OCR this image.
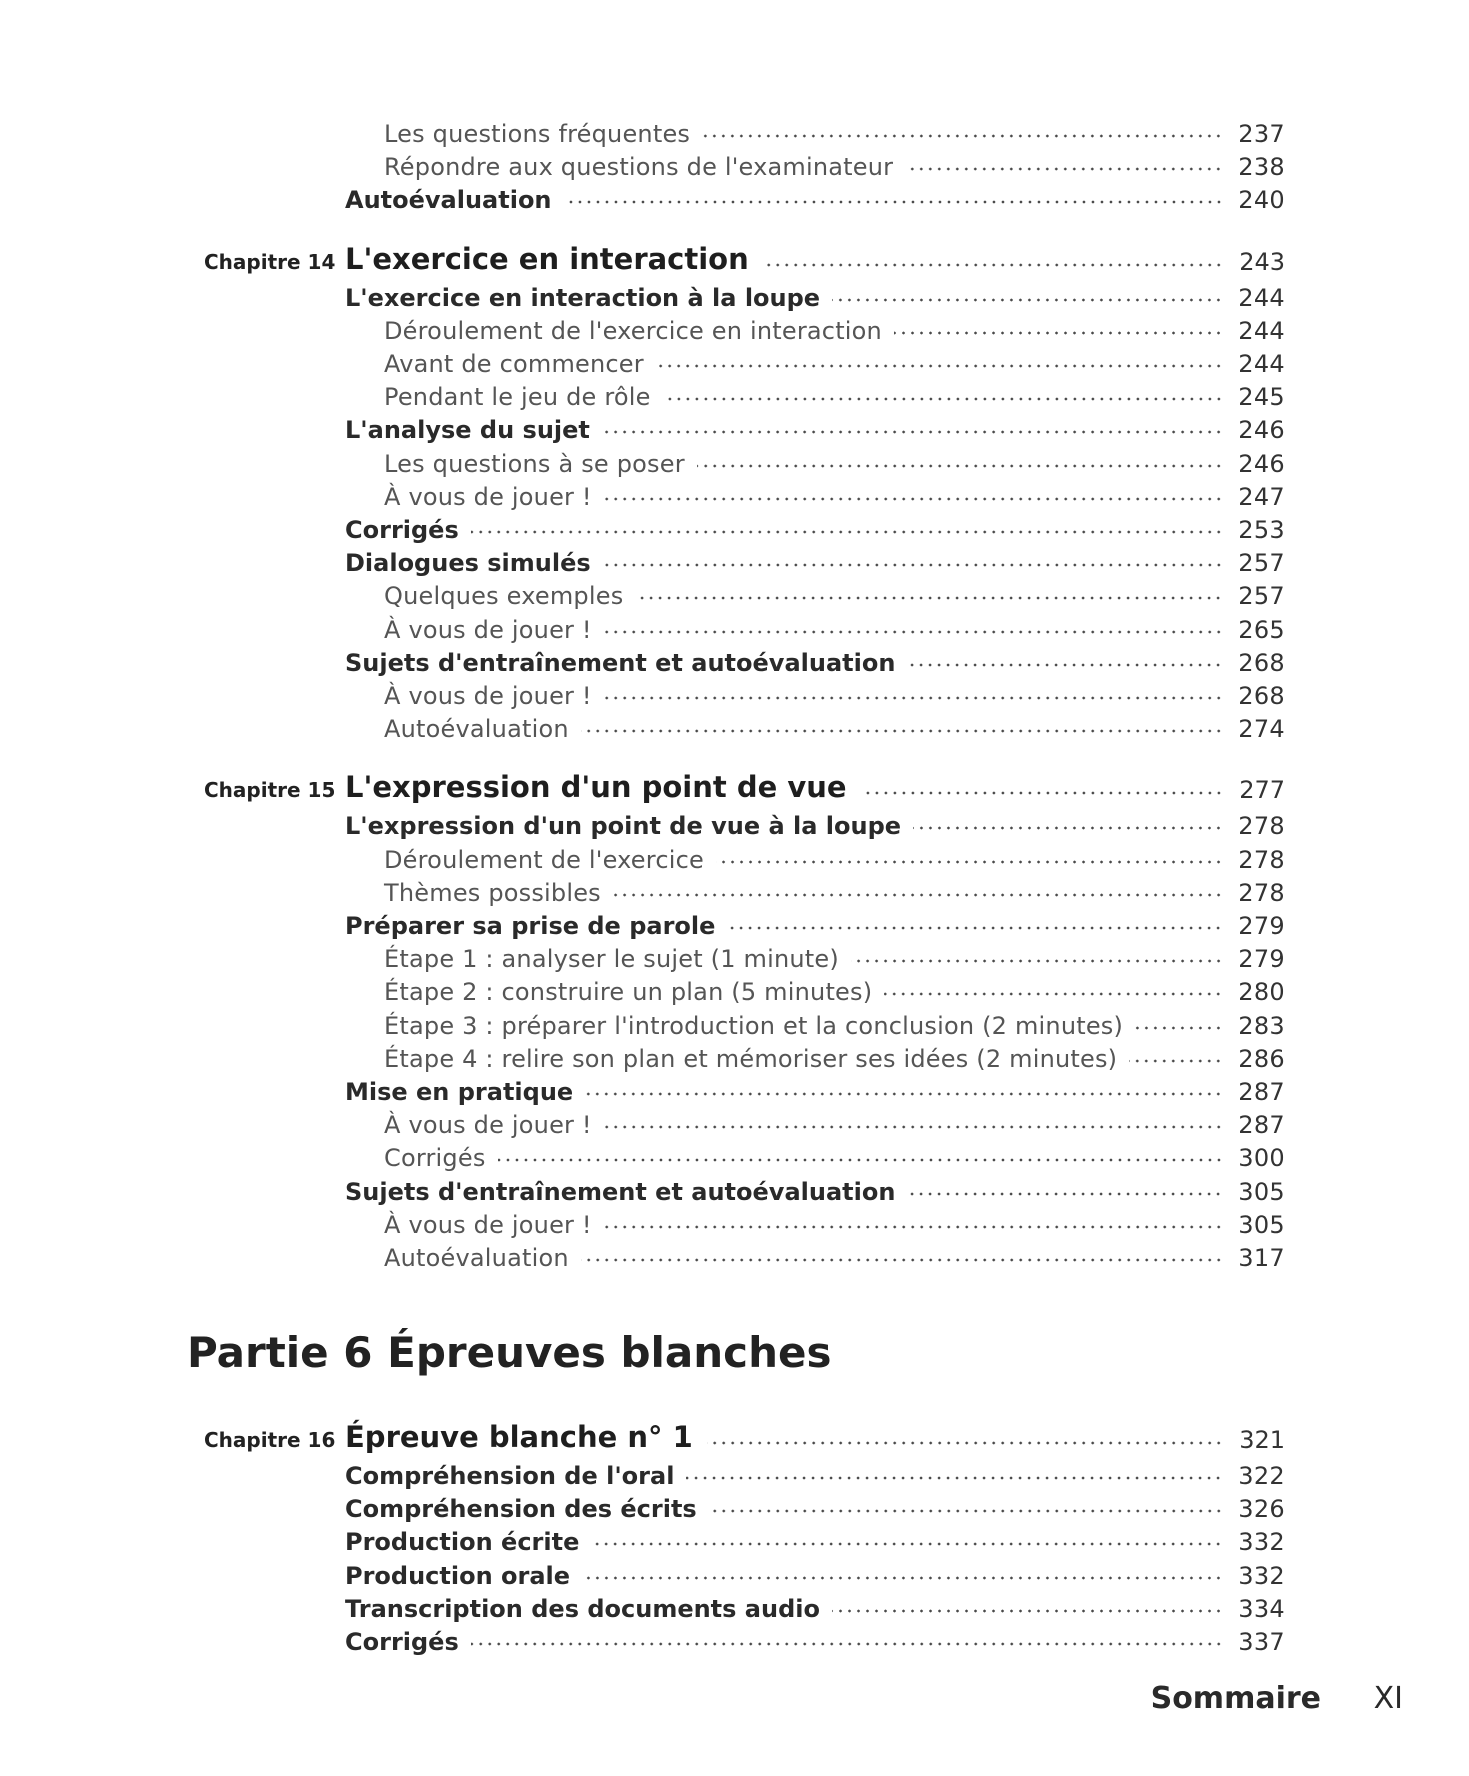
Les questions fréquentes	237
Répondre aux questions de l'examinateur	238
Autoévaluation	240
Chapitre 14 L'exercice en interaction	243
L'exercice en interaction à la loupe	244
Déroulement de l'exercice en interaction	244
Avant de commencer	244
Pendant le jeu de rôle	245
L'analyse du sujet	246
Les questions à se poser	246
À vous de jouer !	247
Corrigés	253
Dialogues simulés	257
Quelques exemples	257
À vous de jouer !	265
Sujets d'entraînement et autoévaluation	268
À vous de jouer !	268
Autoévaluation	274
Chapitre 15 L'expression d'un point de vue	277
L'expression d'un point de vue à la loupe	278
Déroulement de l'exercice	278
Thèmes possibles	278
Préparer sa prise de parole	279
Étape 1 : analyser le sujet (1 minute)	279
Étape 2 : construire un plan (5 minutes)	280
Étape 3 : préparer l'introduction et la conclusion (2 minutes)	283
Étape 4 : relire son plan et mémoriser ses idées (2 minutes)	286
Mise en pratique	287
À vous de jouer !	287
Corrigés	300
Sujets d'entraînement et autoévaluation	305
À vous de jouer !	305
Autoévaluation	317
Partie 6 Épreuves blanches
Chapitre 16 Épreuve blanche n° 1	321
Compréhension de l'oral	322
Compréhension des écrits	326
Production écrite	332
Production orale	332
Transcription des documents audio	334
Corrigés	337
Sommaire XI
